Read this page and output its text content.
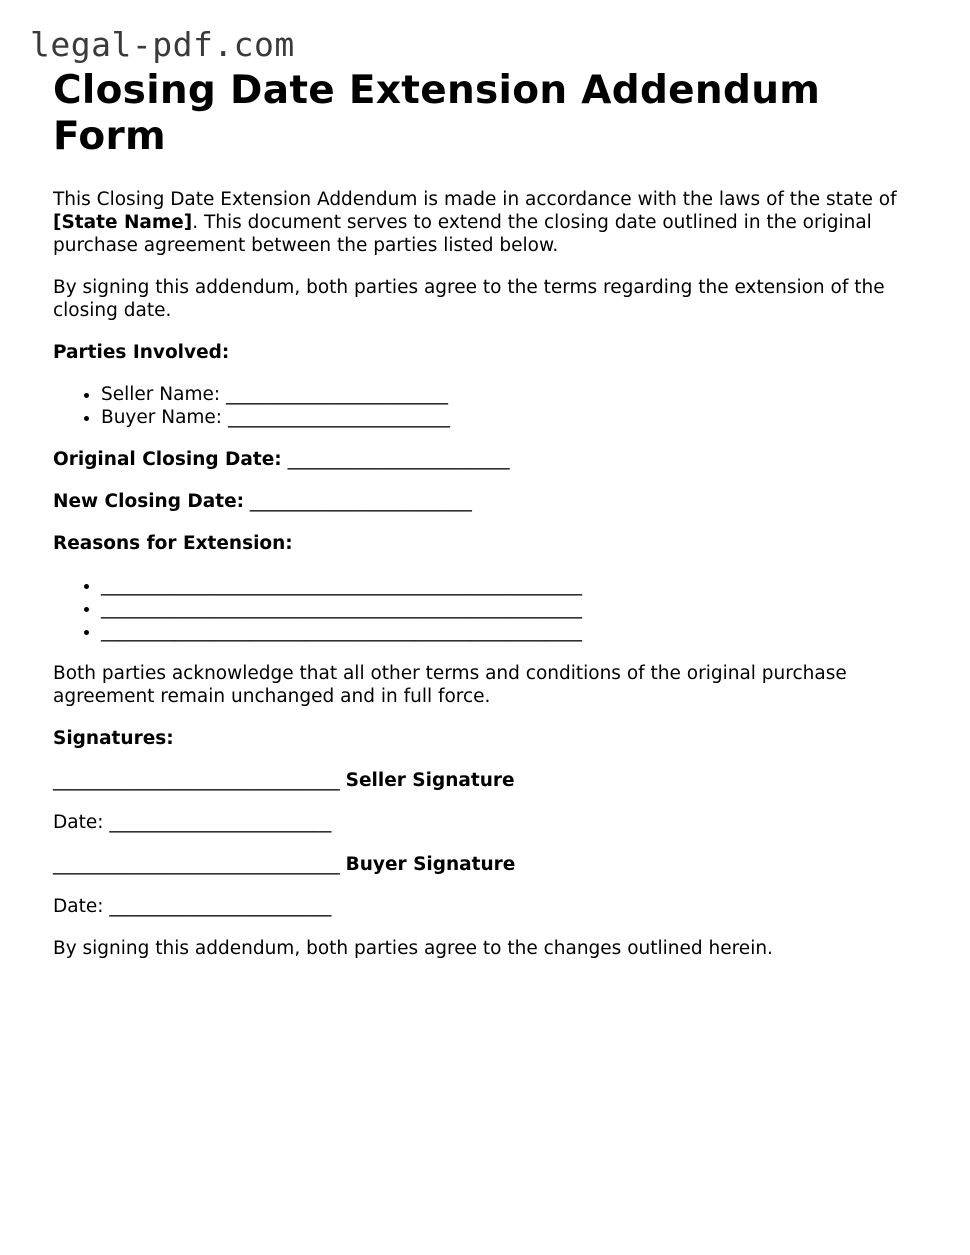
legal-pdf.com
Closing Date Extension Addendum Form

This Closing Date Extension Addendum is made in accordance with the laws of the state of [State Name]. This document serves to extend the closing date outlined in the original purchase agreement between the parties listed below.

By signing this addendum, both parties agree to the terms regarding the extension of the closing date.

Parties Involved:

• Seller Name: ________________________
• Buyer Name: ________________________

Original Closing Date: ________________________

New Closing Date: ________________________

Reasons for Extension:

• ____________________________________________________
• ____________________________________________________
• ____________________________________________________

Both parties acknowledge that all other terms and conditions of the original purchase agreement remain unchanged and in full force.

Signatures:

_______________________________ Seller Signature

Date: ________________________

_______________________________ Buyer Signature

Date: ________________________

By signing this addendum, both parties agree to the changes outlined herein.
